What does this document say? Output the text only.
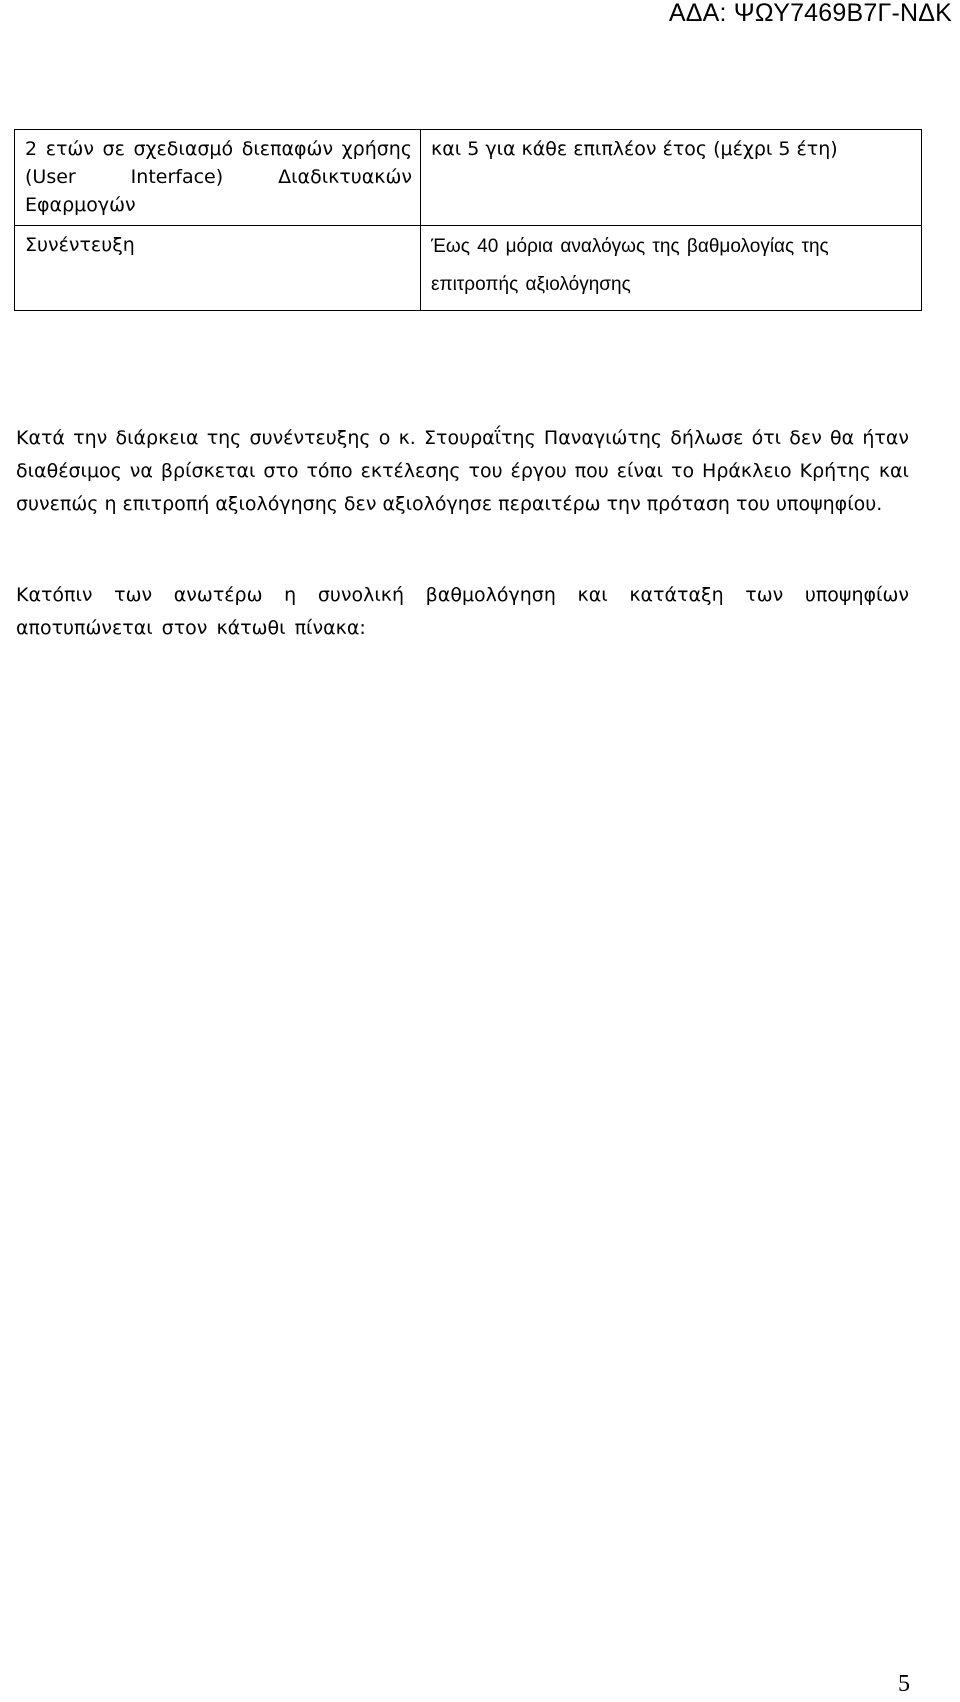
ΑΔΑ: ΨΩΥ7469Β7Γ-ΝΔΚ
2 ετών σε σχεδιασμό διεπαφών χρήσης (User Interface) Διαδικτυακών Εφαρμογών	και 5 για κάθε επιπλέον έτος (μέχρι 5 έτη)
Συνέντευξη	Έως 40 μόρια αναλόγως της βαθμολογίας της επιτροπής αξιολόγησης

Κατά την διάρκεια της συνέντευξης ο κ. Στουραΐτης Παναγιώτης δήλωσε ότι δεν θα ήταν διαθέσιμος να βρίσκεται στο τόπο εκτέλεσης του έργου που είναι το Ηράκλειο Κρήτης και συνεπώς η επιτροπή αξιολόγησης δεν αξιολόγησε περαιτέρω την πρόταση του υποψηφίου.

Κατόπιν των ανωτέρω η συνολική βαθμολόγηση και κατάταξη των υποψηφίων αποτυπώνεται στον κάτωθι πίνακα:

5
